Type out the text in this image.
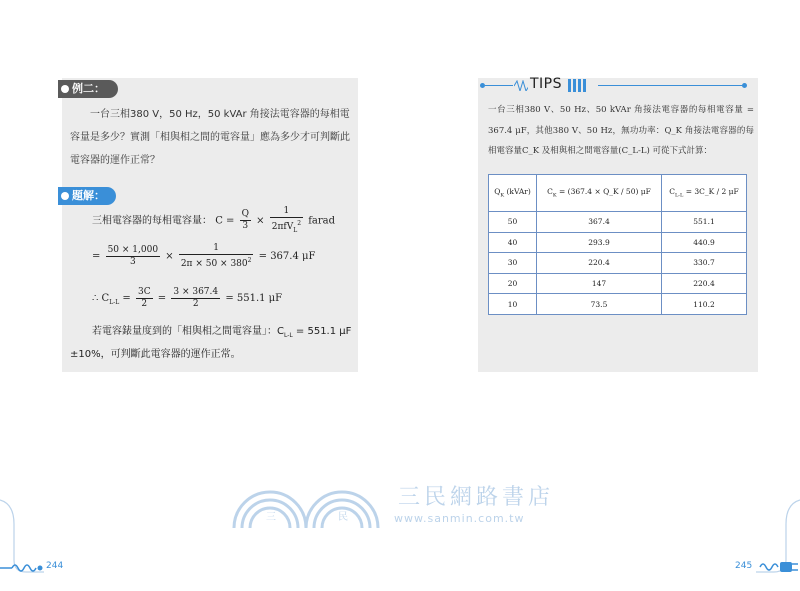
例二：
一台三相380 V，50 Hz，50 kVAr 角接法電容器的每相電容量是多少？實測「相與相之間的電容量」應為多少才可判斷此電容器的運作正常？
題解：
三相電容器的每相電容量： $C = \frac{Q}{3} \times \frac{1}{2\pi fV_L^2}$ farad
= $\frac{50 \times 1,000}{3} \times \frac{1}{2\pi \times 50 \times 380^2} = 367.4$ μF
∴ $C_{L-L} = \frac{3C}{2} = \frac{3 \times 367.4}{2} = 551.1$ μF
若電容錶量度到的「相與相之間電容量」：$C_{L-L} = 551.1$ μF
±10%，可判斷此電容器的運作正常。
TIPS
一台三相380 V、50 Hz、50 kVAr 角接法電容器的每相電容量 = 367.4 μF，其他380 V、50 Hz，無功功率：Q_K 角接法電容器的每相電容量C_K 及相與相之間電容量(C_L-L) 可從下式計算：
$Q_K$ (kVAr)	$C_K = (367.4$ × Q_K / 50) μF	$C_{L-L}$ = 3C_K / 2 μF
50	367.4	551.1
40	293.9	440.9
30	220.4	330.7
20	147	220.4
10	73.5	110.2
三	民
三民網路書店
www.sanmin.com.tw
244	245
